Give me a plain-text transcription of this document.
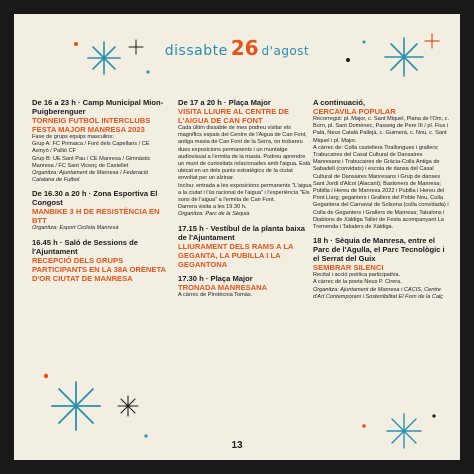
dissabte 26 d'agost
De 16 a 23 h · Camp Municipal Mion-Puigberenguer
TORNEIG FUTBOL INTERCLUBS FESTA MAJOR MANRESA 2023
Fase de grups equips masculins:
Grup A: FC Pirinaica / Font dels Capellans / CE Avinyó / Pallió CF
Grup B: UE Sant Pau / CE Manresa / Gimnàstic Manresa / FC Sant Vicenç de Castellet
Organitza: Ajuntament de Manresa / Federació Catalana de Futbol
De 16.30 a 20 h · Zona Esportiva El Congost
MANBIKE 3 H DE RESISTÈNCIA EN BTT
Organitza: Esport Ciclista Manresà
16.45 h · Saló de Sessions de l'Ajuntament
RECEPCIÓ DELS GRUPS PARTICIPANTS EN LA 38A ORENETA D'OR CIUTAT DE MANRESA
De 17 a 20 h · Plaça Major
VISITA LLIURE AL CENTRE DE L'AIGUA DE CAN FONT
Cada últim dissabte de mes podreu visitar els magnífics espais del Centre de l'Aigua de Can Font, antiga masia de Can Font de la Serra, on trobareu dues exposicions permanents i un muntatge audiovisual a l'ermita de la masia. Podreu aprendre un munt de curiositats relacionades amb l'aigua. Està ubicat en un dels punts estratègics de la ciutat envoltat per un alzinar.
Inclou: entrada a les exposicions permanents "L'aigua a la ciutat i l'ús racional de l'aigua" i l'experiència "Els sons de l'aigua" a l'ermita de Can Font.
Darrera visita a les 19.30 h.
Organitza: Parc de la Sèquia
17.15 h · Vestíbul de la planta baixa de l'Ajuntament
LLIURAMENT DELS RAMS A LA GEGANTA, LA PUBILLA I LA GEGANTONA
17.30 h · Plaça Major
TRONADA MANRESANA
A càrrec de Pirotècnia Tomàs.
A continuació,
CERCAVILA POPULAR
Recorregut: pl. Major, c. Sant Miquel, Plana de l'Om, c. Born, pl. Sant Domènec, Passeig de Pere III / pl. Fius i Palà, Neus Català Pallejà, c. Guimerà, c. Nou, c. Sant Miquel i pl. Major.
A càrrec de: Colla castellera Tirallongues i grallers; Trabucaires del Casal Cultural de Dansaires Manresans i Trabucaires de Gràcia-Colla Antiga de Sabadell (convidats) i escola de dansa del Casal Cultural de Dansaires Manresans i Grup de danses Sant Jordi d'Alcoi (Alacant); Bastoners de Manresa; Pubilla i Hereu de Manresa 2022 i Pubilla i Hereu del Pont Llarg; geganters i Grallers del Poble Nou, Colla Gegantera del Carnaval de Solsona (colla convidada) i Colla de Geganters i Grallers de Manresa; Tabalons i Diablons de Xàldiga Taller de Festa acompanyant La Tremenda i Tabalers de Xàldiga.
18 h · Sèquia de Manresa, entre el Parc de l'Agulla, el Parc Tecnològic i el Serrat del Guix
SEMBRAR SILENCI
Recital i acció poètica participativa.
A càrrec de la poeta Neus P. Cirera.
Organitza: Ajuntament de Manresa i CACIS, Centre d'Art Contemporani i Sostenibilitat El Forn de la Calç
13
